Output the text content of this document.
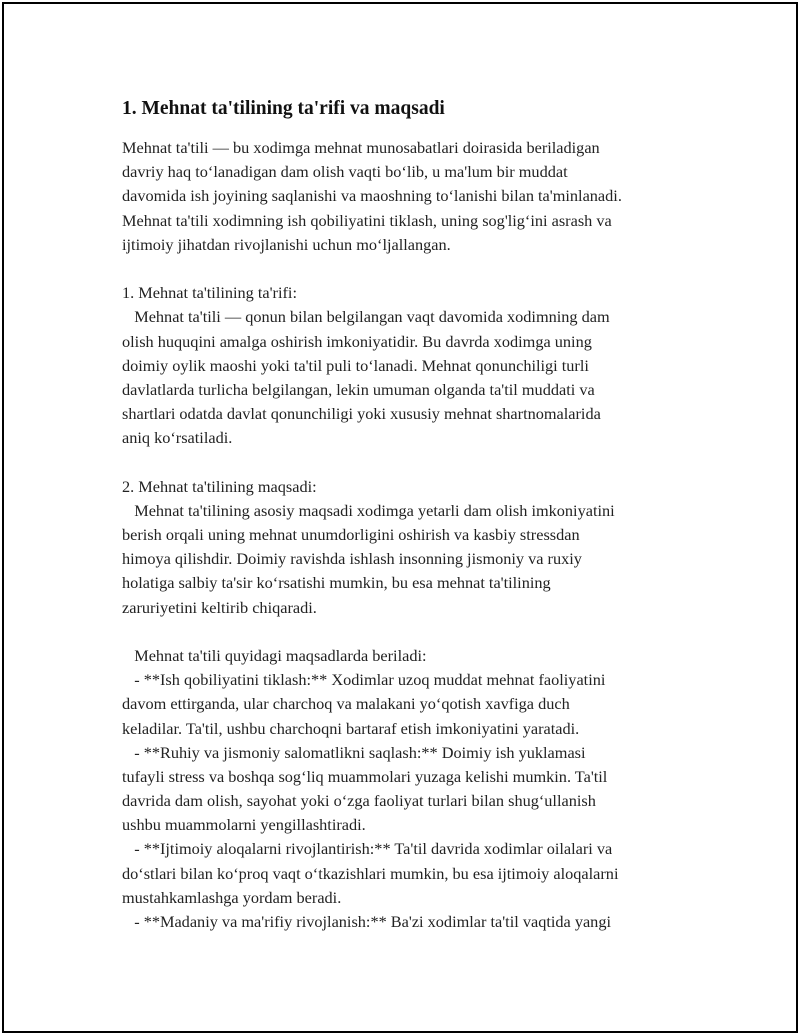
1. Mehnat ta'tilining ta'rifi va maqsadi
Mehnat ta'tili — bu xodimga mehnat munosabatlari doirasida beriladigan
davriy haq to‘lanadigan dam olish vaqti bo‘lib, u ma'lum bir muddat
davomida ish joyining saqlanishi va maoshning to‘lanishi bilan ta'minlanadi.
Mehnat ta'tili xodimning ish qobiliyatini tiklash, uning sog'lig‘ini asrash va
ijtimoiy jihatdan rivojlanishi uchun mo‘ljallangan.
1. Mehnat ta'tilining ta'rifi:
Mehnat ta'tili — qonun bilan belgilangan vaqt davomida xodimning dam
olish huquqini amalga oshirish imkoniyatidir. Bu davrda xodimga uning
doimiy oylik maoshi yoki ta'til puli to‘lanadi. Mehnat qonunchiligi turli
davlatlarda turlicha belgilangan, lekin umuman olganda ta'til muddati va
shartlari odatda davlat qonunchiligi yoki xususiy mehnat shartnomalarida
aniq ko‘rsatiladi.
2. Mehnat ta'tilining maqsadi:
Mehnat ta'tilining asosiy maqsadi xodimga yetarli dam olish imkoniyatini
berish orqali uning mehnat unumdorligini oshirish va kasbiy stressdan
himoya qilishdir. Doimiy ravishda ishlash insonning jismoniy va ruxiy
holatiga salbiy ta'sir ko‘rsatishi mumkin, bu esa mehnat ta'tilining
zaruriyetini keltirib chiqaradi.
Mehnat ta'tili quyidagi maqsadlarda beriladi:
- **Ish qobiliyatini tiklash:** Xodimlar uzoq muddat mehnat faoliyatini
davom ettirganda, ular charchoq va malakani yo‘qotish xavfiga duch
keladilar. Ta'til, ushbu charchoqni bartaraf etish imkoniyatini yaratadi.
- **Ruhiy va jismoniy salomatlikni saqlash:** Doimiy ish yuklamasi
tufayli stress va boshqa sog‘liq muammolari yuzaga kelishi mumkin. Ta'til
davrida dam olish, sayohat yoki o‘zga faoliyat turlari bilan shug‘ullanish
ushbu muammolarni yengillashtiradi.
- **Ijtimoiy aloqalarni rivojlantirish:** Ta'til davrida xodimlar oilalari va
do‘stlari bilan ko‘proq vaqt o‘tkazishlari mumkin, bu esa ijtimoiy aloqalarni
mustahkamlashga yordam beradi.
- **Madaniy va ma'rifiy rivojlanish:** Ba'zi xodimlar ta'til vaqtida yangi
